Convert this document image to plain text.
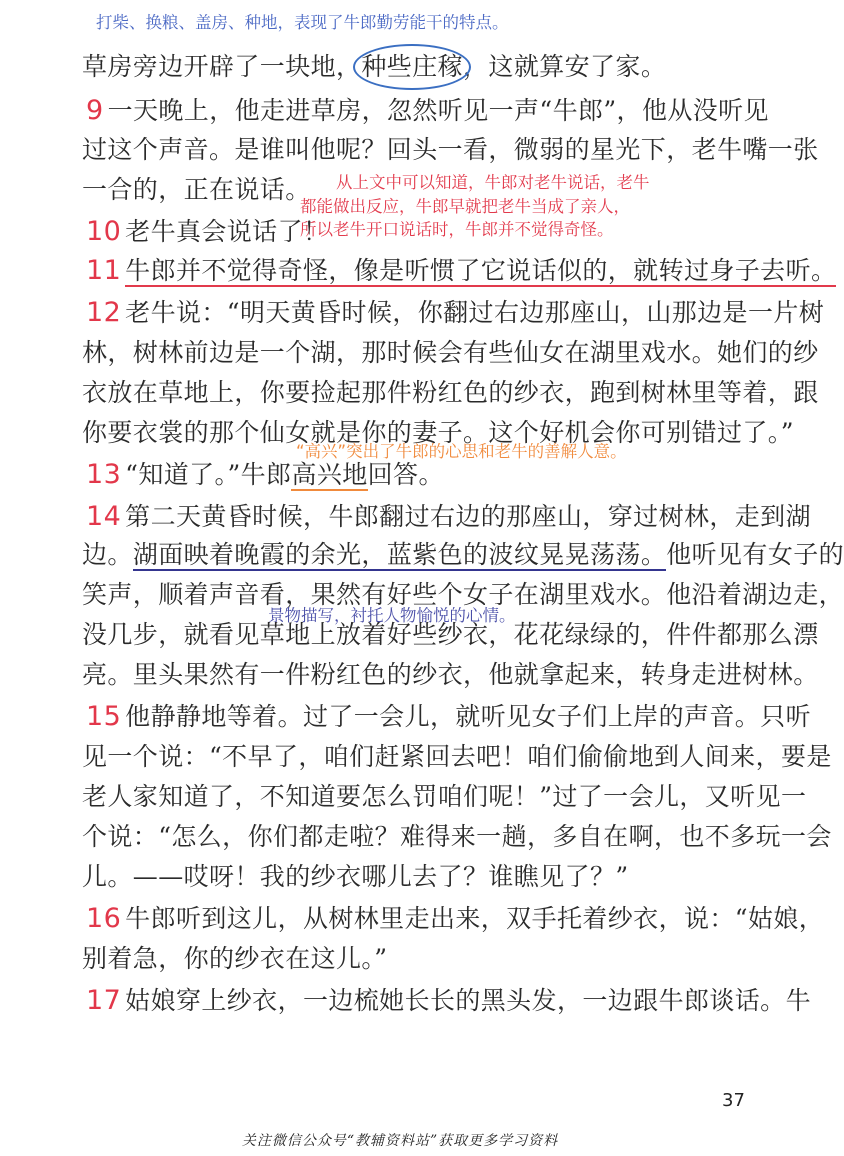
打柴、换粮、盖房、种地，表现了牛郎勤劳能干的特点。
草房旁边开辟了一块地，种些庄稼，这就算安了家。
9 一天晚上，他走进草房，忽然听见一声“牛郎”，他从没听见
过这个声音。是谁叫他呢？回头一看，微弱的星光下，老牛嘴一张
一合的，正在说话。 从上文中可以知道，牛郎对老牛说话，老牛
都能做出反应，牛郎早就把老牛当成了亲人，
所以老牛开口说话时，牛郎并不觉得奇怪。
10 老牛真会说话了！
11 牛郎并不觉得奇怪，像是听惯了它说话似的，就转过身子去听。
12 老牛说：“明天黄昏时候，你翻过右边那座山，山那边是一片树
林，树林前边是一个湖，那时候会有些仙女在湖里戏水。她们的纱
衣放在草地上，你要捡起那件粉红色的纱衣，跑到树林里等着，跟
你要衣裳的那个仙女就是你的妻子。这个好机会你可别错过了。”
“高兴”突出了牛郎的心思和老牛的善解人意。
13 “知道了。”牛郎高兴地回答。
14 第二天黄昏时候，牛郎翻过右边的那座山，穿过树林，走到湖
边。湖面映着晚霞的余光，蓝紫色的波纹晃晃荡荡。他听见有女子的
笑声，顺着声音看，果然有好些个女子在湖里戏水。他沿着湖边走，
景物描写，衬托人物愉悦的心情。
没几步，就看见草地上放着好些纱衣，花花绿绿的，件件都那么漂
亮。里头果然有一件粉红色的纱衣，他就拿起来，转身走进树林。
15 他静静地等着。过了一会儿，就听见女子们上岸的声音。只听
见一个说：“不早了，咱们赶紧回去吧！咱们偷偷地到人间来，要是
老人家知道了，不知道要怎么罚咱们呢！”过了一会儿，又听见一
个说：“怎么，你们都走啦？难得来一趟，多自在啊，也不多玩一会
儿。——哎呀！我的纱衣哪儿去了？谁瞧见了？”
16 牛郎听到这儿，从树林里走出来，双手托着纱衣，说：“姑娘，
别着急，你的纱衣在这儿。”
17 姑娘穿上纱衣，一边梳她长长的黑头发，一边跟牛郎谈话。牛
37
关注微信公众号“教辅资料站”获取更多学习资料
